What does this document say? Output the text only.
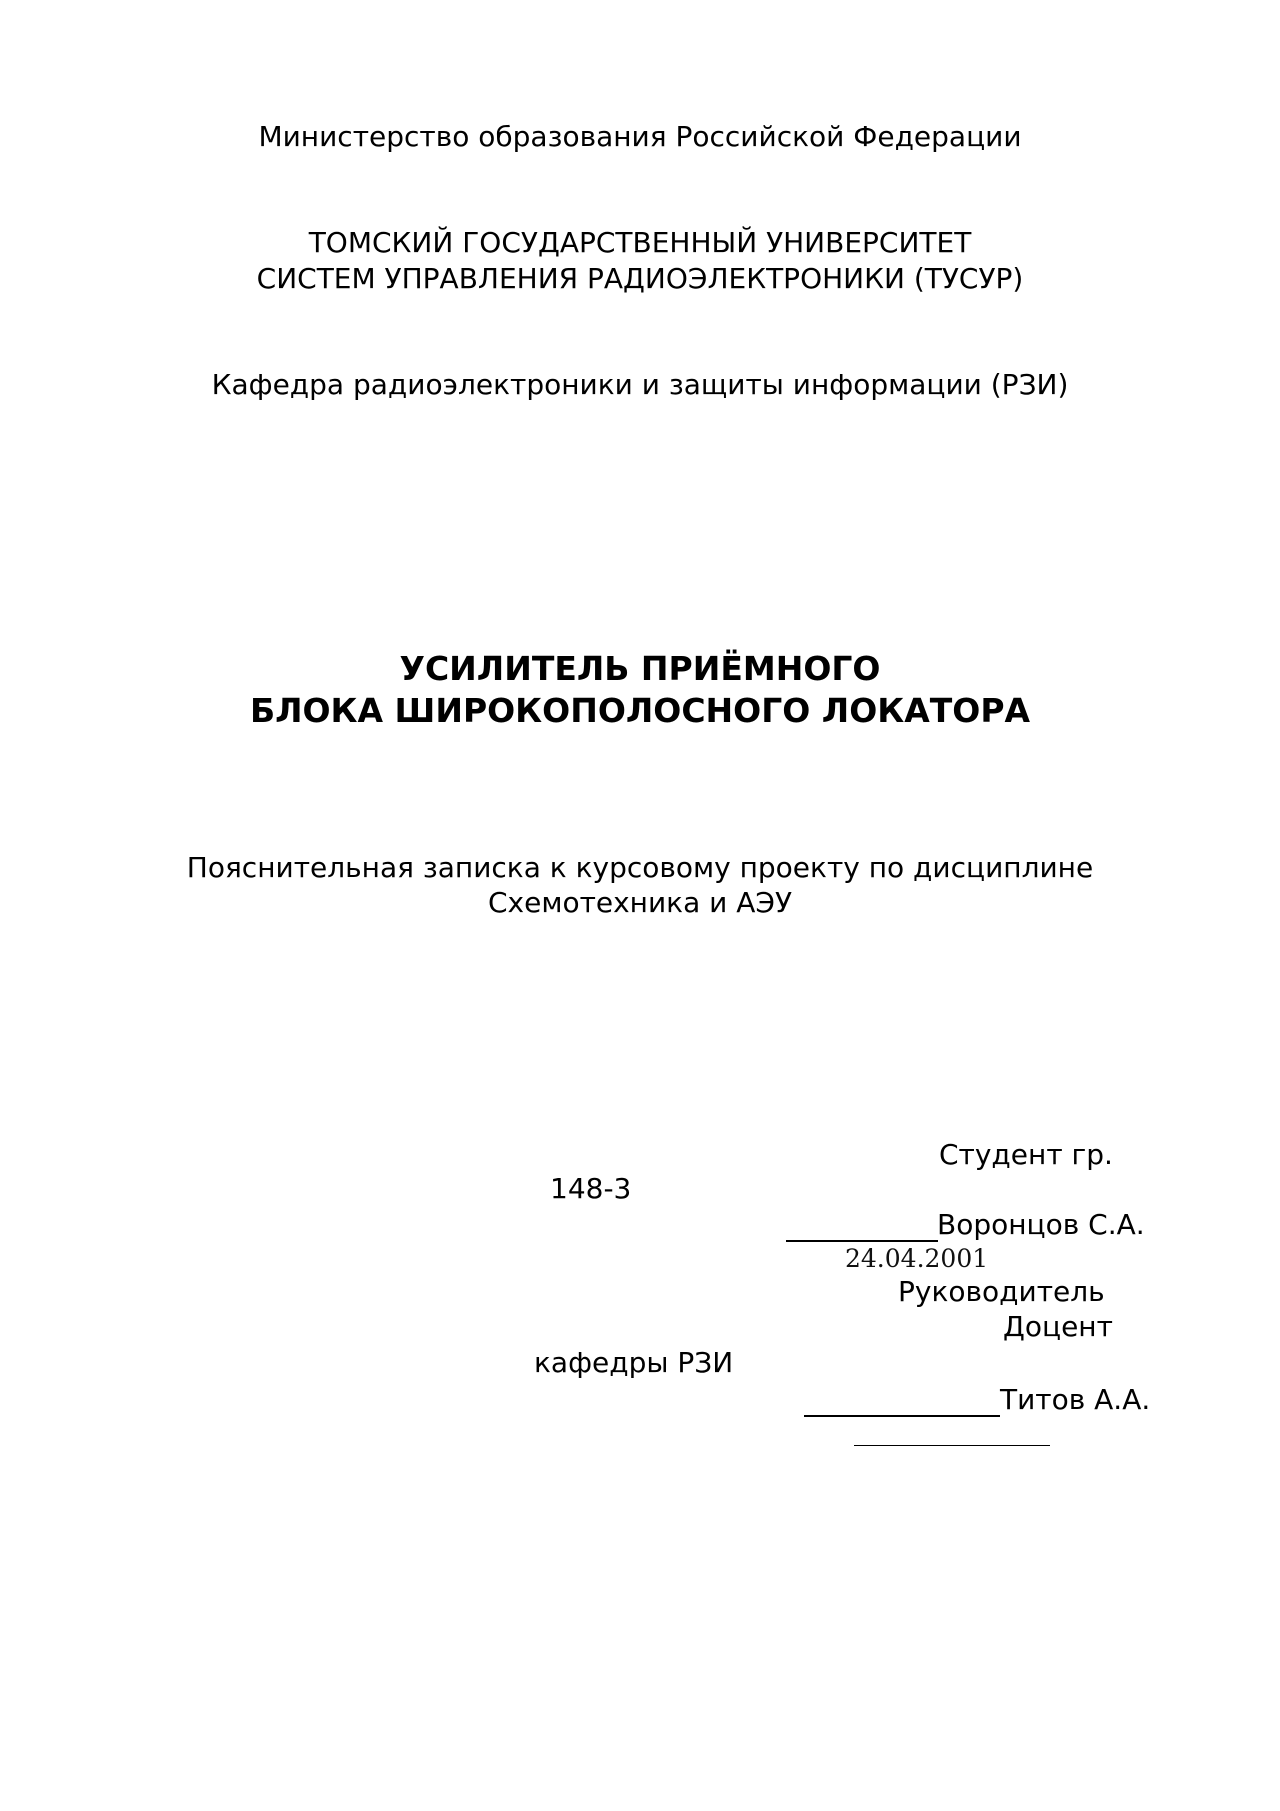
Министерство образования Российской Федерации
ТОМСКИЙ ГОСУДАРСТВЕННЫЙ УНИВЕРСИТЕТ
СИСТЕМ УПРАВЛЕНИЯ РАДИОЭЛЕКТРОНИКИ (ТУСУР)
Кафедра радиоэлектроники и защиты информации (РЗИ)
УСИЛИТЕЛЬ ПРИЁМНОГО
БЛОКА ШИРОКОПОЛОСНОГО ЛОКАТОРА
Пояснительная записка к курсовому проекту по дисциплине
Схемотехника и АЭУ
Студент гр.
148-3
Воронцов С.А.
24.04.2001
Руководитель
Доцент
кафедры РЗИ
Титов А.А.
